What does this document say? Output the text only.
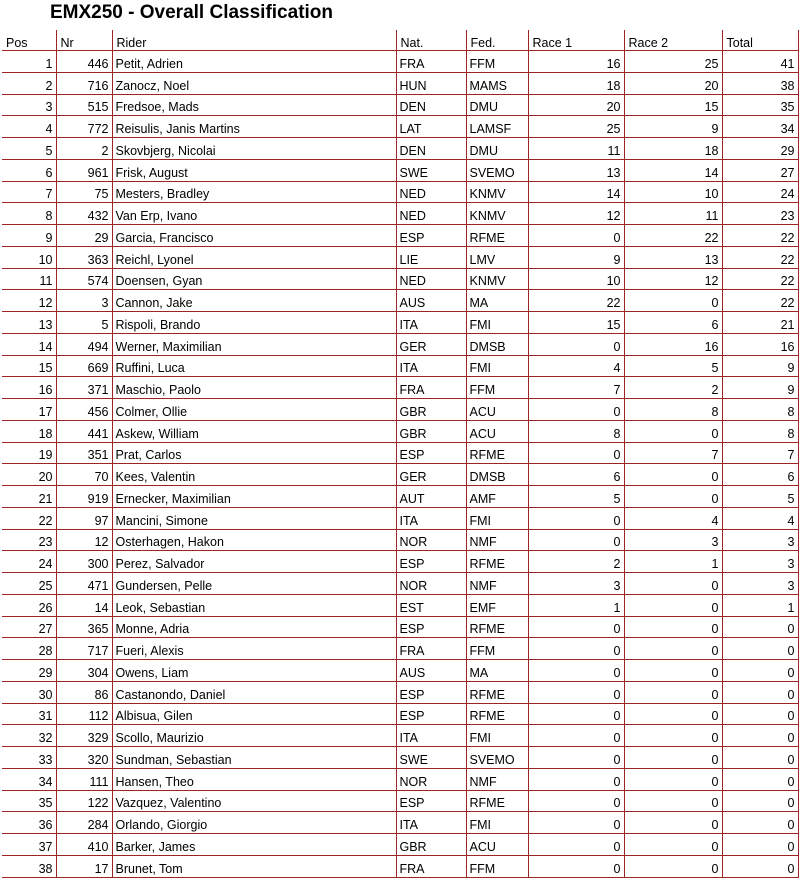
EMX250 - Overall Classification
Pos	Nr	Rider	Nat.	Fed.	Race 1	Race 2	Total
1	446	Petit, Adrien	FRA	FFM	16	25	41
2	716	Zanocz, Noel	HUN	MAMS	18	20	38
3	515	Fredsoe, Mads	DEN	DMU	20	15	35
4	772	Reisulis, Janis Martins	LAT	LAMSF	25	9	34
5	2	Skovbjerg, Nicolai	DEN	DMU	11	18	29
6	961	Frisk, August	SWE	SVEMO	13	14	27
7	75	Mesters, Bradley	NED	KNMV	14	10	24
8	432	Van Erp, Ivano	NED	KNMV	12	11	23
9	29	Garcia, Francisco	ESP	RFME	0	22	22
10	363	Reichl, Lyonel	LIE	LMV	9	13	22
11	574	Doensen, Gyan	NED	KNMV	10	12	22
12	3	Cannon, Jake	AUS	MA	22	0	22
13	5	Rispoli, Brando	ITA	FMI	15	6	21
14	494	Werner, Maximilian	GER	DMSB	0	16	16
15	669	Ruffini, Luca	ITA	FMI	4	5	9
16	371	Maschio, Paolo	FRA	FFM	7	2	9
17	456	Colmer, Ollie	GBR	ACU	0	8	8
18	441	Askew, William	GBR	ACU	8	0	8
19	351	Prat, Carlos	ESP	RFME	0	7	7
20	70	Kees, Valentin	GER	DMSB	6	0	6
21	919	Ernecker, Maximilian	AUT	AMF	5	0	5
22	97	Mancini, Simone	ITA	FMI	0	4	4
23	12	Osterhagen, Hakon	NOR	NMF	0	3	3
24	300	Perez, Salvador	ESP	RFME	2	1	3
25	471	Gundersen, Pelle	NOR	NMF	3	0	3
26	14	Leok, Sebastian	EST	EMF	1	0	1
27	365	Monne, Adria	ESP	RFME	0	0	0
28	717	Fueri, Alexis	FRA	FFM	0	0	0
29	304	Owens, Liam	AUS	MA	0	0	0
30	86	Castanondo, Daniel	ESP	RFME	0	0	0
31	112	Albisua, Gilen	ESP	RFME	0	0	0
32	329	Scollo, Maurizio	ITA	FMI	0	0	0
33	320	Sundman, Sebastian	SWE	SVEMO	0	0	0
34	111	Hansen, Theo	NOR	NMF	0	0	0
35	122	Vazquez, Valentino	ESP	RFME	0	0	0
36	284	Orlando, Giorgio	ITA	FMI	0	0	0
37	410	Barker, James	GBR	ACU	0	0	0
38	17	Brunet, Tom	FRA	FFM	0	0	0
